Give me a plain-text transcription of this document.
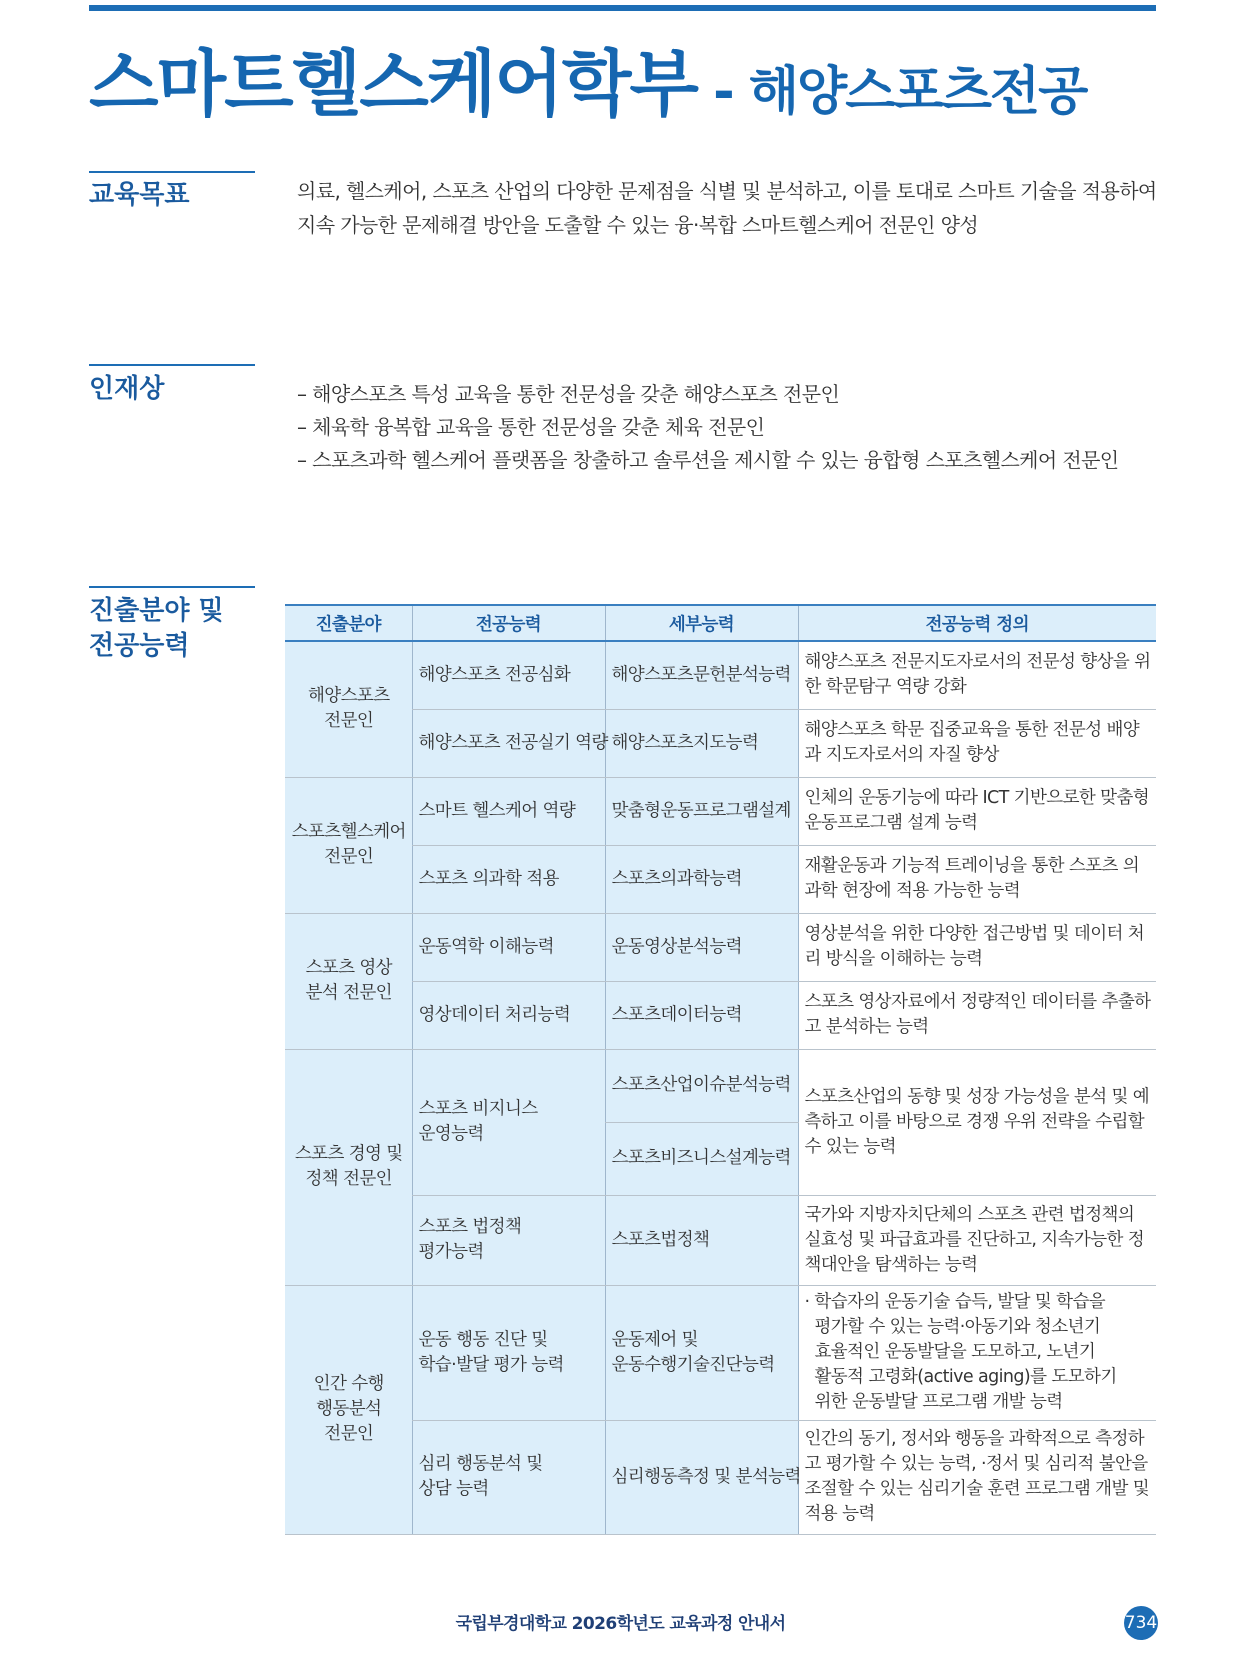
스마트헬스케어학부 - 해양스포츠전공
교육목표	의료, 헬스케어, 스포츠 산업의 다양한 문제점을 식별 및 분석하고, 이를 토대로 스마트 기술을 적용하여 지속 가능한 문제해결 방안을 도출할 수 있는 융·복합 스마트헬스케어 전문인 양성

인재상	– 해양스포츠 특성 교육을 통한 전문성을 갖춘 해양스포츠 전문인
– 체육학 융복합 교육을 통한 전문성을 갖춘 체육 전문인
– 스포츠과학 헬스케어 플랫폼을 창출하고 솔루션을 제시할 수 있는 융합형 스포츠헬스케어 전문인
진출분야 및
전공능력
진출분야	전공능력	세부능력	전공능력 정의
해양스포츠
전문인	해양스포츠 전공심화	해양스포츠문헌분석능력	해양스포츠 전문지도자로서의 전문성 향상을 위한 학문탐구 역량 강화
	해양스포츠 전공실기 역량	해양스포츠지도능력	해양스포츠 학문 집중교육을 통한 전문성 배양과 지도자로서의 자질 향상
스포츠헬스케어
전문인	스마트 헬스케어 역량	맞춤형운동프로그램설계	인체의 운동기능에 따라 ICT 기반으로한 맞춤형 운동프로그램 설계 능력
	스포츠 의과학 적용	스포츠의과학능력	재활운동과 기능적 트레이닝을 통한 스포츠 의과학 현장에 적용 가능한 능력
스포츠 영상
분석 전문인	운동역학 이해능력	운동영상분석능력	영상분석을 위한 다양한 접근방법 및 데이터 처리 방식을 이해하는 능력
	영상데이터 처리능력	스포츠데이터능력	스포츠 영상자료에서 정량적인 데이터를 추출하고 분석하는 능력
스포츠 경영 및
정책 전문인	스포츠 비지니스
운영능력	스포츠산업이슈분석능력	스포츠산업의 동향 및 성장 가능성을 분석 및 예측하고 이를 바탕으로 경쟁 우위 전략을 수립할 수 있는 능력
		스포츠비즈니스설계능력	
	스포츠 법정책
평가능력	스포츠법정책	국가와 지방자치단체의 스포츠 관련 법정책의 실효성 및 파급효과를 진단하고, 지속가능한 정책대안을 탐색하는 능력
인간 수행
행동분석
전문인	운동 행동 진단 및
학습·발달 평가 능력	운동제어 및
운동수행기술진단능력	· 학습자의 운동기술 습득, 발달 및 학습을
평가할 수 있는 능력·아동기와 청소년기
효율적인 운동발달을 도모하고, 노년기
활동적 고령화(active aging)를 도모하기
위한 운동발달 프로그램 개발 능력
	심리 행동분석 및
상담 능력	심리행동측정 및 분석능력	인간의 동기, 정서와 행동을 과학적으로 측정하고 평가할 수 있는 능력, ·정서 및 심리적 불안을 조절할 수 있는 심리기술 훈련 프로그램 개발 및 적용 능력
국립부경대학교 2026학년도 교육과정 안내서	734
